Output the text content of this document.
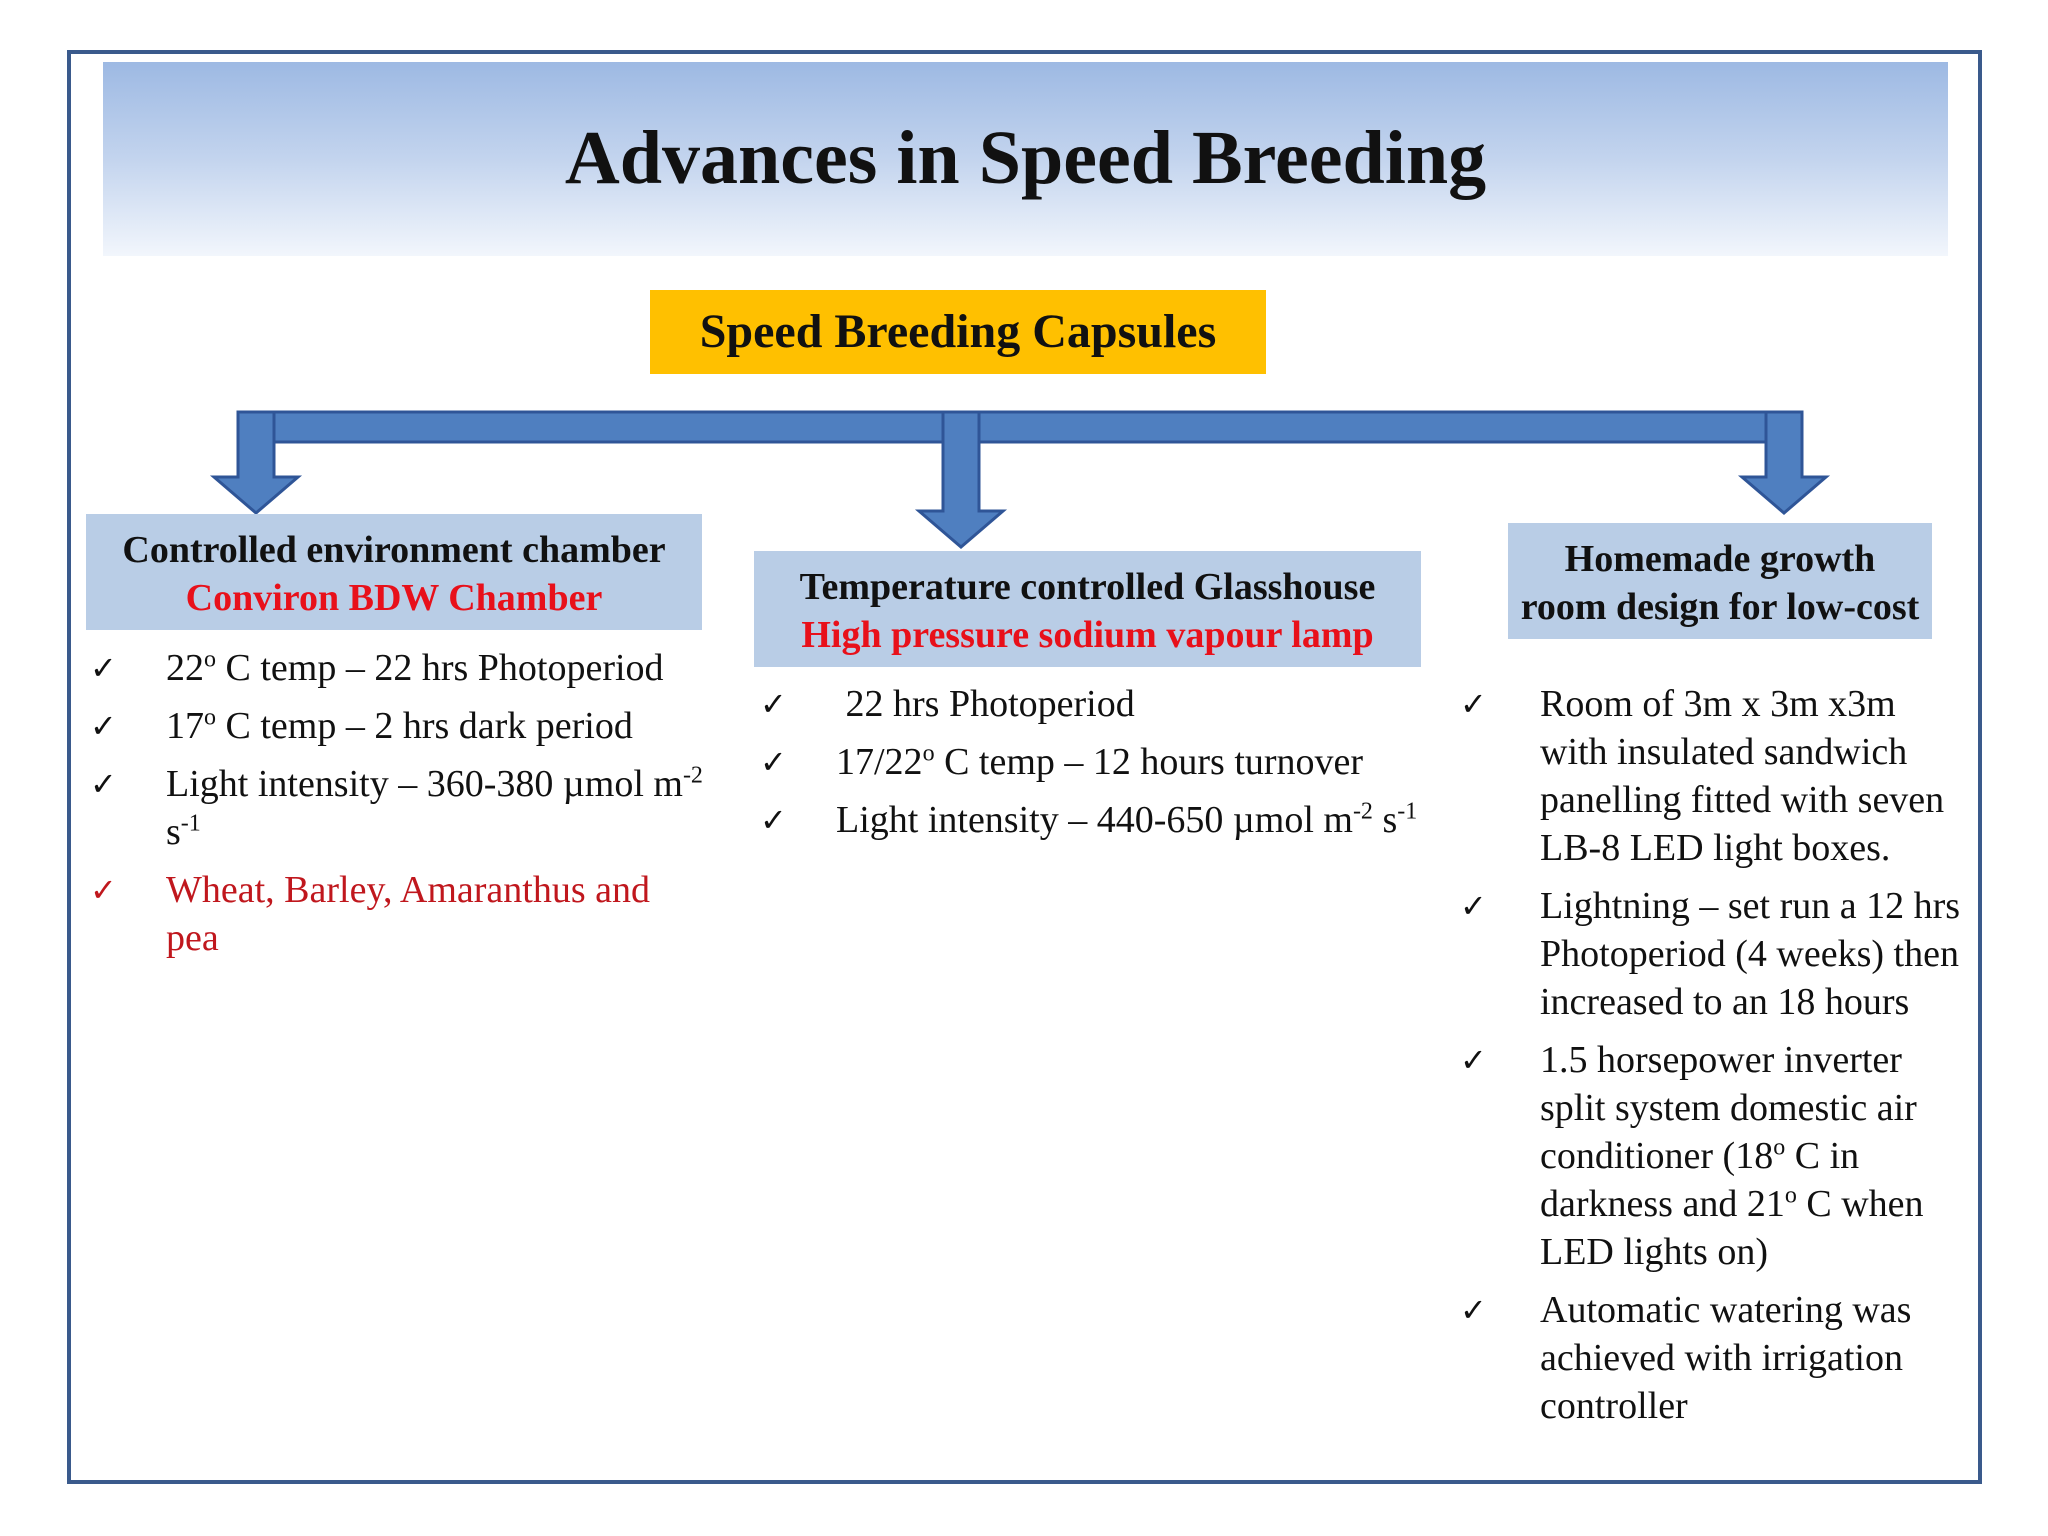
Advances in Speed Breeding
Speed Breeding Capsules
Controlled environment chamber
Conviron BDW Chamber
✓	22$^o$ C temp – 22 hrs Photoperiod
✓	17$^o$ C temp – 2 hrs dark period
✓	Light intensity – 360-380 µmol $m^{-2}$ $s^{-1}$
✓	Wheat, Barley, Amaranthus and pea
Temperature controlled Glasshouse
High pressure sodium vapour lamp
✓	22 hrs Photoperiod
✓	17/22$^o$ C temp – 12 hours turnover
✓	Light intensity – 440-650 µmol $m^{-2}$ $s^{-1}$
Homemade growth
room design for low-cost
✓	Room of 3m x 3m x3m with insulated sandwich panelling fitted with seven LB-8 LED light boxes.
✓	Lightning – set run a 12 hrs Photoperiod (4 weeks) then increased to an 18 hours
✓	1.5 horsepower inverter split system domestic air conditioner (18$^o$ C in darkness and 21$^o$ C when LED lights on)
✓	Automatic watering was achieved with irrigation controller
